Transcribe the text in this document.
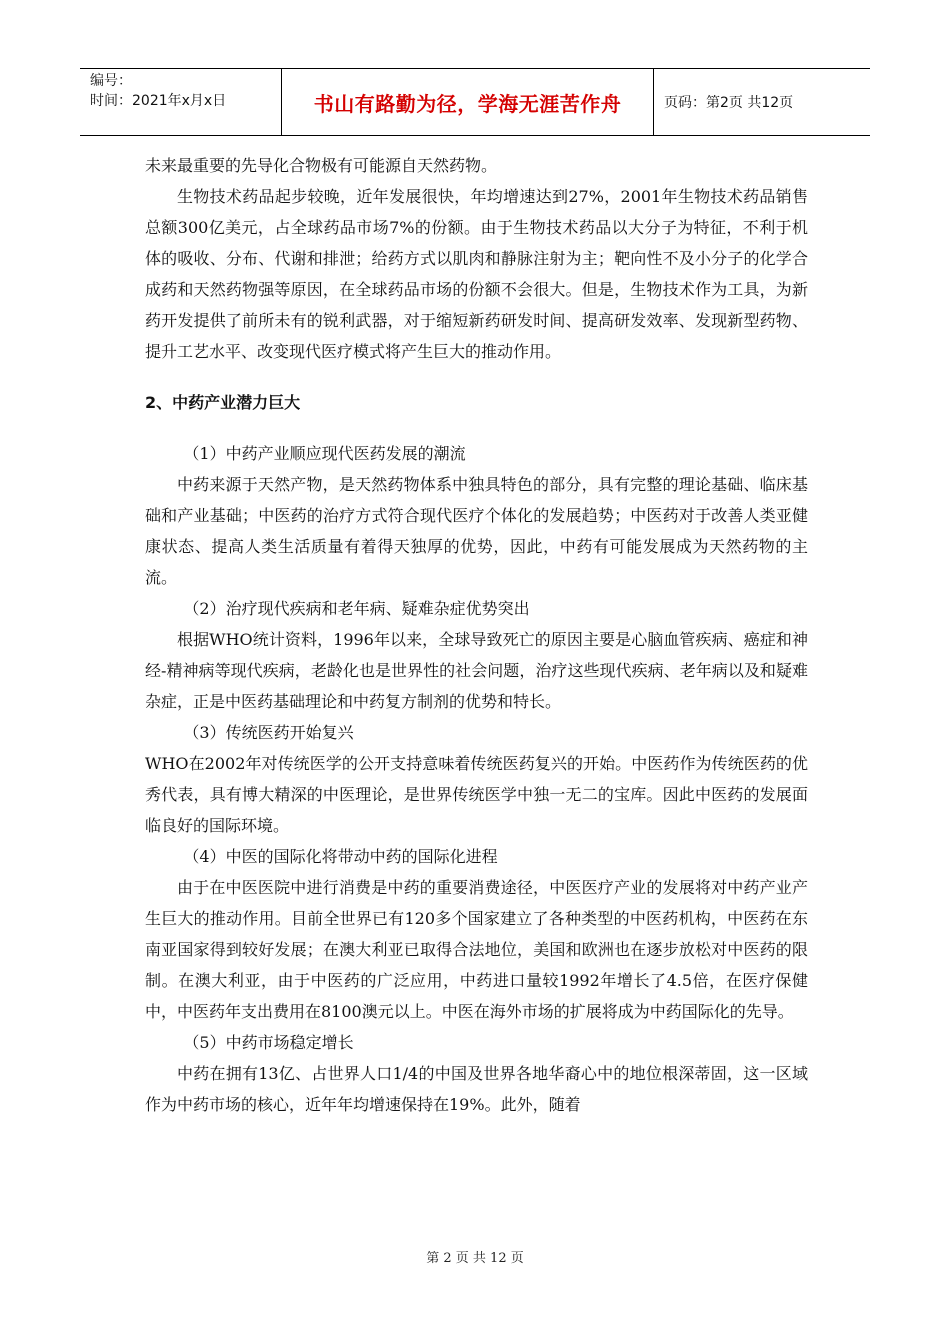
编号：
时间：2021年x月x日	书山有路勤为径，学海无涯苦作舟	页码：第2页 共12页

未来最重要的先导化合物极有可能源自天然药物。

生物技术药品起步较晚，近年发展很快，年均增速达到27%，2001年生物技术药品销售总额300亿美元，占全球药品市场7%的份额。由于生物技术药品以大分子为特征，不利于机体的吸收、分布、代谢和排泄；给药方式以肌肉和静脉注射为主；靶向性不及小分子的化学合成药和天然药物强等原因，在全球药品市场的份额不会很大。但是，生物技术作为工具，为新药开发提供了前所未有的锐利武器，对于缩短新药研发时间、提高研发效率、发现新型药物、提升工艺水平、改变现代医疗模式将产生巨大的推动作用。

2、中药产业潜力巨大

（1）中药产业顺应现代医药发展的潮流

中药来源于天然产物，是天然药物体系中独具特色的部分，具有完整的理论基础、临床基础和产业基础；中医药的治疗方式符合现代医疗个体化的发展趋势；中医药对于改善人类亚健康状态、提高人类生活质量有着得天独厚的优势，因此，中药有可能发展成为天然药物的主流。

（2）治疗现代疾病和老年病、疑难杂症优势突出

根据WHO统计资料，1996年以来，全球导致死亡的原因主要是心脑血管疾病、癌症和神经-精神病等现代疾病，老龄化也是世界性的社会问题，治疗这些现代疾病、老年病以及和疑难杂症，正是中医药基础理论和中药复方制剂的优势和特长。

（3）传统医药开始复兴

WHO在2002年对传统医学的公开支持意味着传统医药复兴的开始。中医药作为传统医药的优秀代表，具有博大精深的中医理论，是世界传统医学中独一无二的宝库。因此中医药的发展面临良好的国际环境。

（4）中医的国际化将带动中药的国际化进程

由于在中医医院中进行消费是中药的重要消费途径，中医医疗产业的发展将对中药产业产生巨大的推动作用。目前全世界已有120多个国家建立了各种类型的中医药机构，中医药在东南亚国家得到较好发展；在澳大利亚已取得合法地位，美国和欧洲也在逐步放松对中医药的限制。在澳大利亚，由于中医药的广泛应用，中药进口量较1992年增长了4.5倍，在医疗保健中，中医药年支出费用在8100澳元以上。中医在海外市场的扩展将成为中药国际化的先导。

（5）中药市场稳定增长

中药在拥有13亿、占世界人口1/4的中国及世界各地华裔心中的地位根深蒂固，这一区域作为中药市场的核心，近年年均增速保持在19%。此外，随着

第 2 页 共 12 页
